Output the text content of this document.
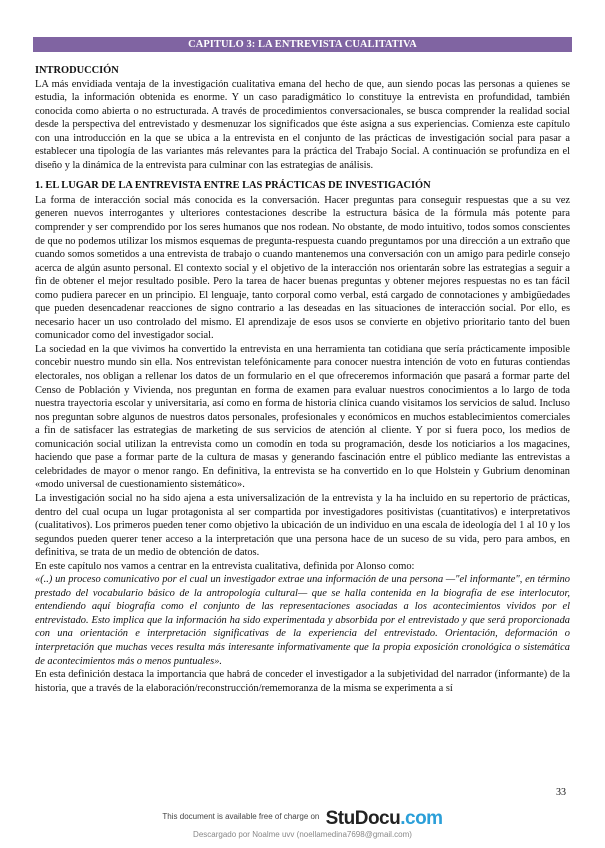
CAPITULO 3: LA ENTREVISTA CUALITATIVA
INTRODUCCIÓN

LA más envidiada ventaja de la investigación cualitativa emana del hecho de que, aun siendo pocas las personas a quienes se estudia, la información obtenida es enorme. Y un caso paradigmático lo constituye la entrevista en profundidad, también conocida como abierta o no estructurada. A través de procedimientos conversacionales, se busca comprender la realidad social desde la perspectiva del entrevistado y desmenuzar los significados que éste asigna a sus experiencias. Comienza este capítulo con una introducción en la que se ubica a la entrevista en el conjunto de las prácticas de investigación social para pasar a establecer una tipología de las variantes más relevantes para la práctica del Trabajo Social. A continuación se profundiza en el diseño y la dinámica de la entrevista para culminar con las estrategias de análisis.

1. EL LUGAR DE LA ENTREVISTA ENTRE LAS PRÁCTICAS DE INVESTIGACIÓN

La forma de interacción social más conocida es la conversación. Hacer preguntas para conseguir respuestas que a su vez generen nuevos interrogantes y ulteriores contestaciones describe la estructura básica de la fórmula más potente para comprender y ser comprendido por los seres humanos que nos rodean. No obstante, de modo intuitivo, todos somos conscientes de que no podemos utilizar los mismos esquemas de pregunta-respuesta cuando preguntamos por una dirección a un extraño que cuando somos sometidos a una entrevista de trabajo o cuando mantenemos una conversación con un amigo para pedirle consejo acerca de algún asunto personal. El contexto social y el objetivo de la interacción nos orientarán sobre las estrategias a seguir a fin de obtener el mejor resultado posible. Pero la tarea de hacer buenas preguntas y obtener mejores respuestas no es tan fácil como pudiera parecer en un principio. El lenguaje, tanto corporal como verbal, está cargado de connotaciones y ambigüedades que pueden desencadenar reacciones de signo contrario a las deseadas en las situaciones de interacción social. Por ello, es necesario hacer un uso controlado del mismo. El aprendizaje de esos usos se convierte en objetivo prioritario tanto del buen comunicador como del investigador social.

La sociedad en la que vivimos ha convertido la entrevista en una herramienta tan cotidiana que sería prácticamente imposible concebir nuestro mundo sin ella. Nos entrevistan telefónicamente para conocer nuestra intención de voto en futuras contiendas electorales, nos obligan a rellenar los datos de un formulario en el que ofreceremos información que pasará a formar parte del Censo de Población y Vivienda, nos preguntan en forma de examen para evaluar nuestros conocimientos a lo largo de toda nuestra trayectoria escolar y universitaria, así como en forma de historia clínica cuando visitamos los servicios de salud. Incluso nos preguntan sobre algunos de nuestros datos personales, profesionales y económicos en muchos establecimientos comerciales a fin de satisfacer las estrategias de marketing de sus servicios de atención al cliente. Y por si fuera poco, los medios de comunicación social utilizan la entrevista como un comodín en toda su programación, desde los noticiarios a los magacines, haciendo que pase a formar parte de la cultura de masas y generando fascinación entre el público mediante las entrevistas a celebridades de mayor o menor rango. En definitiva, la entrevista se ha convertido en lo que Holstein y Gubrium denominan «modo universal de cuestionamiento sistemático».

La investigación social no ha sido ajena a esta universalización de la entrevista y la ha incluido en su repertorio de prácticas, dentro del cual ocupa un lugar protagonista al ser compartida por investigadores positivistas (cuantitativos) e interpretativos (cualitativos). Los primeros pueden tener como objetivo la ubicación de un individuo en una escala de ideología del 1 al 10 y los segundos pueden querer tener acceso a la interpretación que una persona hace de un suceso de su vida, pero para ambos, en definitiva, se trata de un medio de obtención de datos.

En este capítulo nos vamos a centrar en la entrevista cualitativa, definida por Alonso como:

«(..) un proceso comunicativo por el cual un investigador extrae una información de una persona —"el informante", en término prestado del vocabulario básico de la antropología cultural— que se halla contenida en la biografía de ese interlocutor, entendiendo aquí biografía como el conjunto de las representaciones asociadas a los acontecimientos vividos por el entrevistado. Esto implica que la información ha sido experimentada y absorbida por el entrevistado y que será proporcionada con una orientación e interpretación significativas de la experiencia del entrevistado. Orientación, deformación o interpretación que muchas veces resulta más interesante informativamente que la propia exposición cronológica o sistemática de acontecimientos más o menos puntuales».

En esta definición destaca la importancia que habrá de conceder el investigador a la subjetividad del narrador (informante) de la historia, que a través de la elaboración/reconstrucción/rememoranza de la misma se experimenta a sí

33
This document is available free of charge on StuDocu.com
Descargado por Noalme uvv (noellamedina7698@gmail.com)
